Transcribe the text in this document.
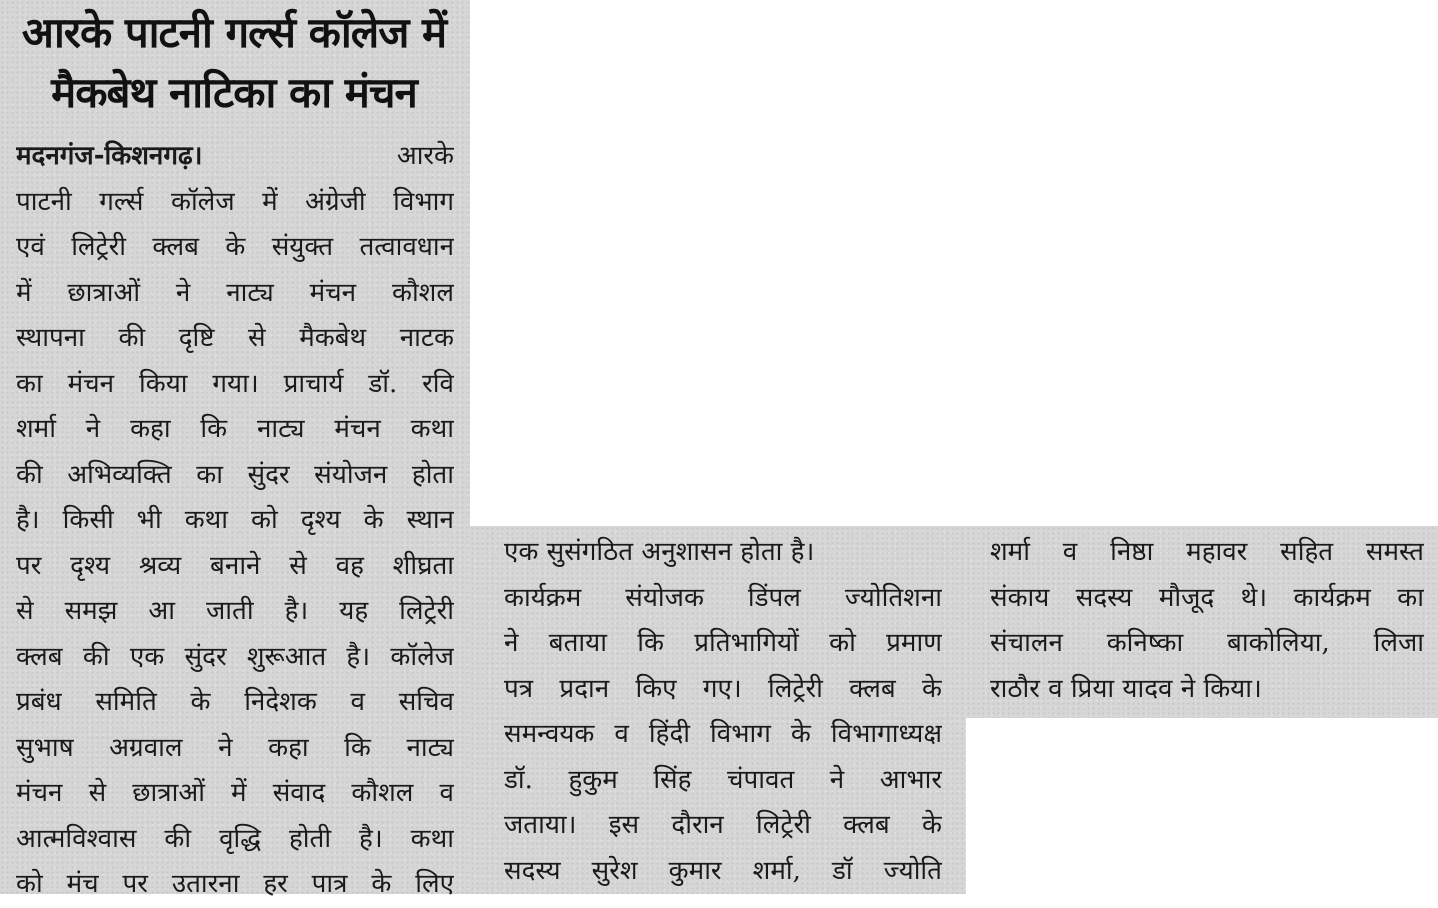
आरके पाटनी गर्ल्स कॉलेज में
मैकबेथ नाटिका का मंचन
मदनगंज-किशनगढ़।	आरके
पाटनी गर्ल्स कॉलेज में अंग्रेजी विभाग
एवं लिट्रेरी क्लब के संयुक्त तत्वावधान
में छात्राओं ने नाट्य मंचन कौशल
स्थापना की दृष्टि से मैकबेथ नाटक
का मंचन किया गया। प्राचार्य डॉ. रवि
शर्मा ने कहा कि नाट्य मंचन कथा
की अभिव्यक्ति का सुंदर संयोजन होता
है। किसी भी कथा को दृश्य के स्थान
पर दृश्य श्रव्य बनाने से वह शीघ्रता
से समझ आ जाती है। यह लिट्रेरी
क्लब की एक सुंदर शुरूआत है। कॉलेज
प्रबंध समिति के निदेशक व सचिव
सुभाष अग्रवाल ने कहा कि नाट्य
मंचन से छात्राओं में संवाद कौशल व
आत्मविश्वास की वृद्धि होती है। कथा
को मंच पर उतारना हर पात्र के लिए
एक सुसंगठित अनुशासन होता है।
कार्यक्रम संयोजक डिंपल ज्योतिशना
ने बताया कि प्रतिभागियों को प्रमाण
पत्र प्रदान किए गए। लिट्रेरी क्लब के
समन्वयक व हिंदी विभाग के विभागाध्यक्ष
डॉ. हुकुम सिंह चंपावत ने आभार
जताया। इस दौरान लिट्रेरी क्लब के
सदस्य सुरेश कुमार शर्मा, डॉ ज्योति
शर्मा व निष्ठा महावर सहित समस्त
संकाय सदस्य मौजूद थे। कार्यक्रम का
संचालन कनिष्का बाकोलिया, लिजा
राठौर व प्रिया यादव ने किया।
